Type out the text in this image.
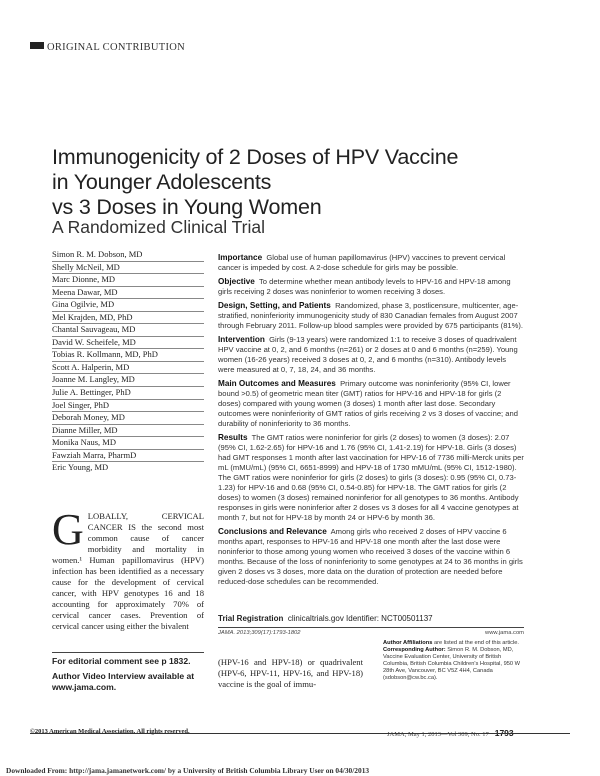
ORIGINAL CONTRIBUTION
Immunogenicity of 2 Doses of HPV Vaccine
in Younger Adolescents
vs 3 Doses in Young Women
A Randomized Clinical Trial
Simon R. M. Dobson, MD
Shelly McNeil, MD
Marc Dionne, MD
Meena Dawar, MD
Gina Ogilvie, MD
Mel Krajden, MD, PhD
Chantal Sauvageau, MD
David W. Scheifele, MD
Tobias R. Kollmann, MD, PhD
Scott A. Halperin, MD
Joanne M. Langley, MD
Julie A. Bettinger, PhD
Joel Singer, PhD
Deborah Money, MD
Dianne Miller, MD
Monika Naus, MD
Fawziah Marra, PharmD
Eric Young, MD
GLOBALLY, CERVICAL CANCER IS the second most common cause of cancer morbidity and mortality in women.¹ Human papillomavirus (HPV) infection has been identified as a necessary cause for the development of cervical cancer, with HPV genotypes 16 and 18 accounting for approximately 70% of cervical cancer cases. Prevention of cervical cancer using either the bivalent
For editorial comment see p 1832.
Author Video Interview available at www.jama.com.
Importance Global use of human papillomavirus (HPV) vaccines to prevent cervical cancer is impeded by cost. A 2-dose schedule for girls may be possible.
Objective To determine whether mean antibody levels to HPV-16 and HPV-18 among girls receiving 2 doses was noninferior to women receiving 3 doses.
Design, Setting, and Patients Randomized, phase 3, postlicensure, multicenter, age-stratified, noninferiority immunogenicity study of 830 Canadian females from August 2007 through February 2011. Follow-up blood samples were provided by 675 participants (81%).
Intervention Girls (9-13 years) were randomized 1:1 to receive 3 doses of quadrivalent HPV vaccine at 0, 2, and 6 months (n=261) or 2 doses at 0 and 6 months (n=259). Young women (16-26 years) received 3 doses at 0, 2, and 6 months (n=310). Antibody levels were measured at 0, 7, 18, 24, and 36 months.
Main Outcomes and Measures Primary outcome was noninferiority (95% CI, lower bound >0.5) of geometric mean titer (GMT) ratios for HPV-16 and HPV-18 for girls (2 doses) compared with young women (3 doses) 1 month after last dose. Secondary outcomes were noninferiority of GMT ratios of girls receiving 2 vs 3 doses of vaccine; and durability of noninferiority to 36 months.
Results The GMT ratios were noninferior for girls (2 doses) to women (3 doses): 2.07 (95% CI, 1.62-2.65) for HPV-16 and 1.76 (95% CI, 1.41-2.19) for HPV-18. Girls (3 doses) had GMT responses 1 month after last vaccination for HPV-16 of 7736 milli-Merck units per mL (mMU/mL) (95% CI, 6651-8999) and HPV-18 of 1730 mMU/mL (95% CI, 1512-1980). The GMT ratios were noninferior for girls (2 doses) to girls (3 doses): 0.95 (95% CI, 0.73-1.23) for HPV-16 and 0.68 (95% CI, 0.54-0.85) for HPV-18. The GMT ratios for girls (2 doses) to women (3 doses) remained noninferior for all genotypes to 36 months. Antibody responses in girls were noninferior after 2 doses vs 3 doses for all 4 vaccine genotypes at month 7, but not for HPV-18 by month 24 or HPV-6 by month 36.
Conclusions and Relevance Among girls who received 2 doses of HPV vaccine 6 months apart, responses to HPV-16 and HPV-18 one month after the last dose were noninferior to those among young women who received 3 doses of the vaccine within 6 months. Because of the loss of noninferiority to some genotypes at 24 to 36 months in girls given 2 doses vs 3 doses, more data on the duration of protection are needed before reduced-dose schedules can be recommended.
Trial Registration clinicaltrials.gov Identifier: NCT00501137
JAMA. 2013;309(17):1793-1802	www.jama.com
(HPV-16 and HPV-18) or quadrivalent (HPV-6, HPV-11, HPV-16, and HPV-18) vaccine is the goal of immu-
Author Affiliations are listed at the end of this article.
Corresponding Author: Simon R. M. Dobson, MD, Vaccine Evaluation Center, University of British Columbia, British Columbia Children's Hospital, 950 W 28th Ave, Vancouver, BC V5Z 4H4, Canada (sdobson@cw.bc.ca).
©2013 American Medical Association. All rights reserved.	JAMA, May 1, 2013—Vol 309, No. 17 1793
Downloaded From: http://jama.jamanetwork.com/ by a University of British Columbia Library User on 04/30/2013
